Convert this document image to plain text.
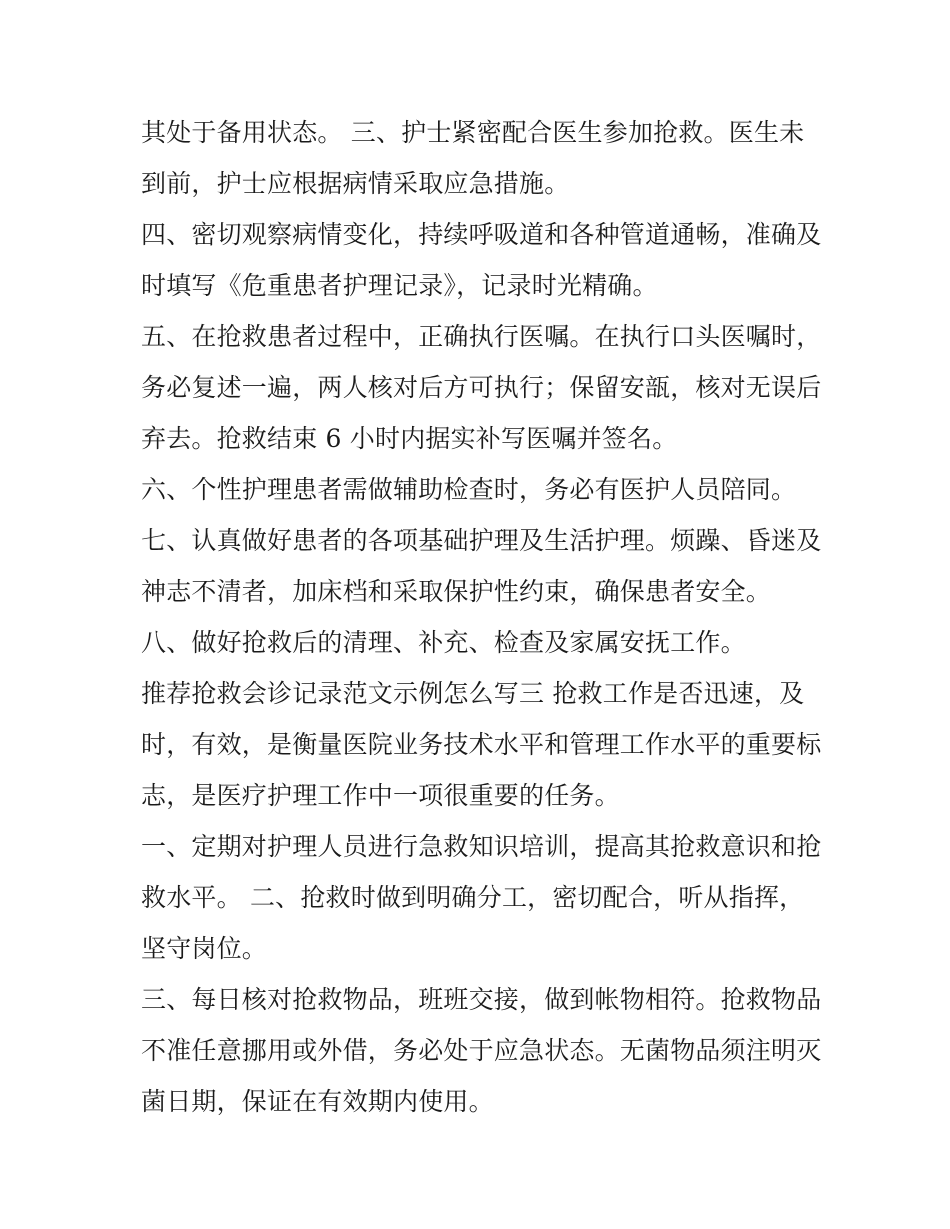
其处于备用状态。 三、护士紧密配合医生参加抢救。医生未
到前，护士应根据病情采取应急措施。
四、密切观察病情变化，持续呼吸道和各种管道通畅，准确及
时填写《危重患者护理记录》，记录时光精确。
五、在抢救患者过程中，正确执行医嘱。在执行口头医嘱时，
务必复述一遍，两人核对后方可执行；保留安瓿，核对无误后
弃去。抢救结束 6 小时内据实补写医嘱并签名。
六、个性护理患者需做辅助检查时，务必有医护人员陪同。
七、认真做好患者的各项基础护理及生活护理。烦躁、昏迷及
神志不清者，加床档和采取保护性约束，确保患者安全。
八、做好抢救后的清理、补充、检查及家属安抚工作。
推荐抢救会诊记录范文示例怎么写三 抢救工作是否迅速，及
时，有效，是衡量医院业务技术水平和管理工作水平的重要标
志，是医疗护理工作中一项很重要的任务。
一、定期对护理人员进行急救知识培训，提高其抢救意识和抢
救水平。 二、抢救时做到明确分工，密切配合，听从指挥，
坚守岗位。
三、每日核对抢救物品，班班交接，做到帐物相符。抢救物品
不准任意挪用或外借，务必处于应急状态。无菌物品须注明灭
菌日期，保证在有效期内使用。
